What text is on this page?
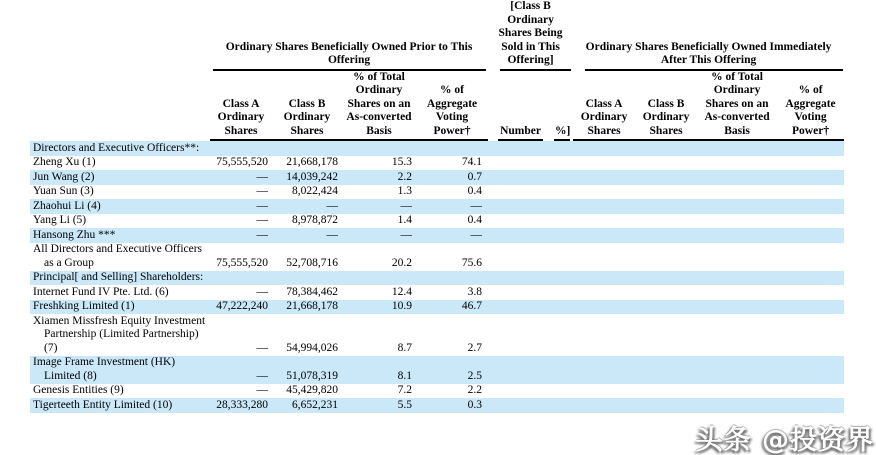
	Ordinary Shares Beneficially Owned Prior to This Offering				[Class B Ordinary Shares Being Sold in This Offering]		Ordinary Shares Beneficially Owned Immediately After This Offering			

	Class A Ordinary Shares	Class B Ordinary Shares	% of Total Ordinary Shares on an As-converted Basis	% of Aggregate Voting Power†	Number	%]	Class A Ordinary Shares	Class B Ordinary Shares	% of Total Ordinary Shares on an As-converted Basis	% of Aggregate Voting Power†

Directors and Executive Officers**:										
Zheng Xu (1)	75,555,520	21,668,178	15.3	74.1						
Jun Wang (2)	—	14,039,242	2.2	0.7						
Yuan Sun (3)	—	8,022,424	1.3	0.4						
Zhaohui Li (4)	—	—	—	—						
Yang Li (5)	—	8,978,872	1.4	0.4						
Hansong Zhu ***	—	—	—	—						
All Directors and Executive Officers as a Group	75,555,520	52,708,716	20.2	75.6						
Principal[ and Selling] Shareholders:										
Internet Fund IV Pte. Ltd. (6)	—	78,384,462	12.4	3.8						
Freshking Limited (1)	47,222,240	21,668,178	10.9	46.7						
Xiamen Missfresh Equity Investment Partnership (Limited Partnership) (7)	—	54,994,026	8.7	2.7						
Image Frame Investment (HK) Limited (8)	—	51,078,319	8.1	2.5						
Genesis Entities (9)	—	45,429,820	7.2	2.2						
Tigerteeth Entity Limited (10)	28,333,280	6,652,231	5.5	0.3						
头条 @投资界
